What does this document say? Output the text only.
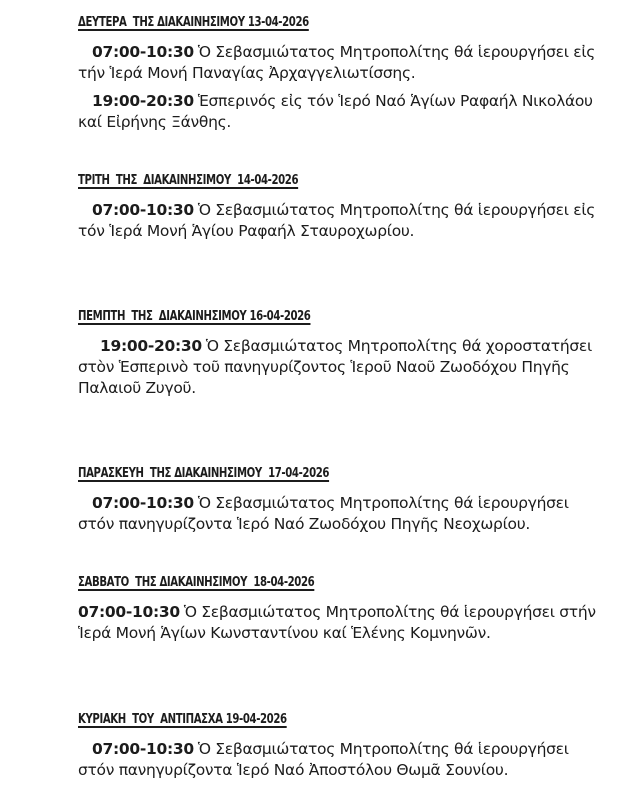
ΔΕΥΤΕΡΑ  ΤΗΣ ΔΙΑΚΑΙΝΗΣΙΜΟΥ 13-04-2026

07:00-10:30 Ὁ Σεβασμιώτατος Μητροπολίτης θά ἱερουργήσει εἰς
τήν Ἱερά Μονή Παναγίας Ἀρχαγγελιωτίσσης.

19:00-20:30 Ἑσπερινός εἰς τόν Ἱερό Ναό Ἁγίων Ραφαήλ Νικολάου
καί Εἰρήνης Ξάνθης.

ΤΡΙΤΗ  ΤΗΣ  ΔΙΑΚΑΙΝΗΣΙΜΟΥ  14-04-2026

07:00-10:30 Ὁ Σεβασμιώτατος Μητροπολίτης θά ἱερουργήσει εἰς
τόν Ἱερά Μονή Ἁγίου Ραφαήλ Σταυροχωρίου.

ΠΕΜΠΤΗ  ΤΗΣ  ΔΙΑΚΑΙΝΗΣΙΜΟΥ 16-04-2026

19:00-20:30 Ὁ Σεβασμιώτατος Μητροπολίτης θά χοροστατήσει
στὸν Ἑσπερινὸ τοῦ πανηγυρίζοντος Ἱεροῦ Ναοῦ Ζωοδόχου Πηγῆς
Παλαιοῦ Ζυγοῦ.

ΠΑΡΑΣΚΕΥΗ  ΤΗΣ ΔΙΑΚΑΙΝΗΣΙΜΟΥ  17-04-2026

07:00-10:30 Ὁ Σεβασμιώτατος Μητροπολίτης θά ἱερουργήσει
στόν πανηγυρίζοντα Ἱερό Ναό Ζωοδόχου Πηγῆς Νεοχωρίου.

ΣΑΒΒΑΤΟ  ΤΗΣ ΔΙΑΚΑΙΝΗΣΙΜΟΥ  18-04-2026

07:00-10:30 Ὁ Σεβασμιώτατος Μητροπολίτης θά ἱερουργήσει στήν
Ἱερά Μονή Ἁγίων Κωνσταντίνου καί Ἑλένης Κομνηνῶν.

ΚΥΡΙΑΚΗ  ΤΟΥ  ΑΝΤΙΠΑΣΧΑ 19-04-2026

07:00-10:30 Ὁ Σεβασμιώτατος Μητροπολίτης θά ἱερουργήσει
στόν πανηγυρίζοντα Ἱερό Ναό Ἀποστόλου Θωμᾶ Σουνίου.
